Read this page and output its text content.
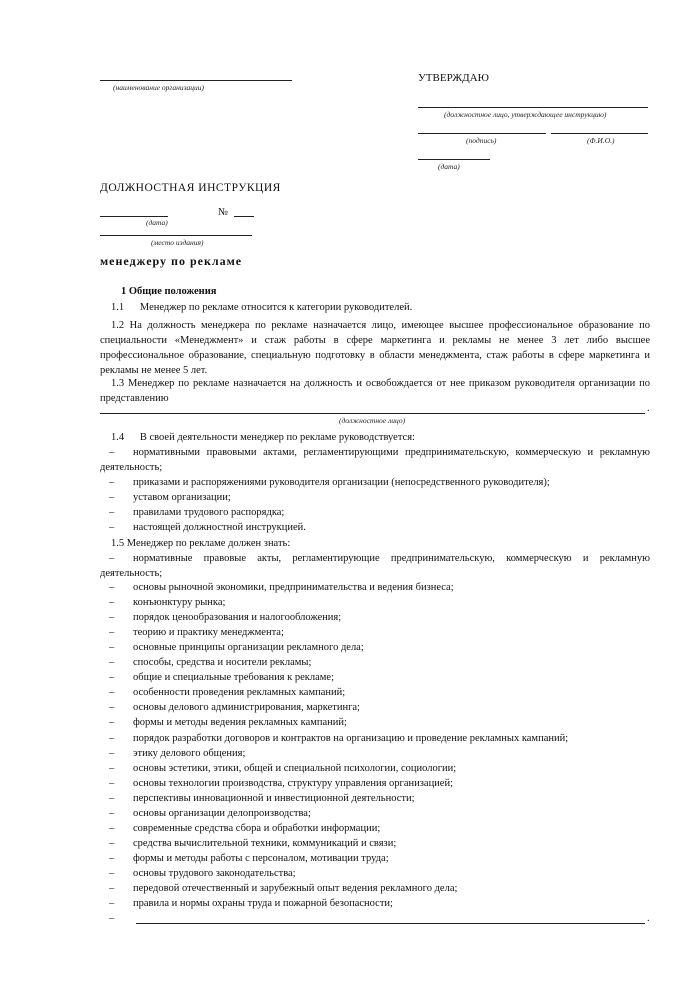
(наименование организации)
УТВЕРЖДАЮ
(должностное лицо, утверждающее инструкцию)
(подпись)	(Ф.И.О.)
(дата)
ДОЛЖНОСТНАЯ ИНСТРУКЦИЯ
№
(дата)
(место издания)
менеджеру по рекламе
1 Общие положения
1.1      Менеджер по рекламе относится к категории руководителей.
1.2 На должность менеджера по рекламе назначается лицо, имеющее высшее профессиональное образование по специальности «Менеджмент» и стаж работы в сфере маркетинга и рекламы не менее 3 лет либо высшее профессиональное образование, специальную подготовку в области менеджмента, стаж работы в сфере маркетинга и рекламы не менее 5 лет.
1.3 Менеджер по рекламе назначается на должность и освобождается от нее приказом руководителя организации по представлению
.
(должностное лицо)
1.4      В своей деятельности менеджер по рекламе руководствуется:
–	нормативными правовыми актами, регламентирующими предпринимательскую, коммерческую и рекламную деятельность;
– приказами и распоряжениями руководителя организации (непосредственного руководителя);
– уставом организации;
– правилами трудового распорядка;
– настоящей должностной инструкцией.
1.5 Менеджер по рекламе должен знать:
–	нормативные правовые акты, регламентирующие предпринимательскую, коммерческую и рекламную деятельность;
– основы рыночной экономики, предпринимательства и ведения бизнеса;
– конъюнктуру рынка;
– порядок ценообразования и налогообложения;
– теорию и практику менеджмента;
– основные принципы организации рекламного дела;
– способы, средства и носители рекламы;
– общие и специальные требования к рекламе;
– особенности проведения рекламных кампаний;
– основы делового администрирования, маркетинга;
– формы и методы ведения рекламных кампаний;
– порядок разработки договоров и контрактов на организацию и проведение рекламных кампаний;
– этику делового общения;
– основы эстетики, этики, общей и специальной психологии, социологии;
– основы технологии производства, структуру управления организацией;
– перспективы инновационной и инвестиционной деятельности;
– основы организации делопроизводства;
– современные средства сбора и обработки информации;
– средства вычислительной техники, коммуникаций и связи;
– формы и методы работы с персоналом, мотивации труда;
– основы трудового законодательства;
– передовой отечественный и зарубежный опыт ведения рекламного дела;
– правила и нормы охраны труда и пожарной безопасности;
–	.
